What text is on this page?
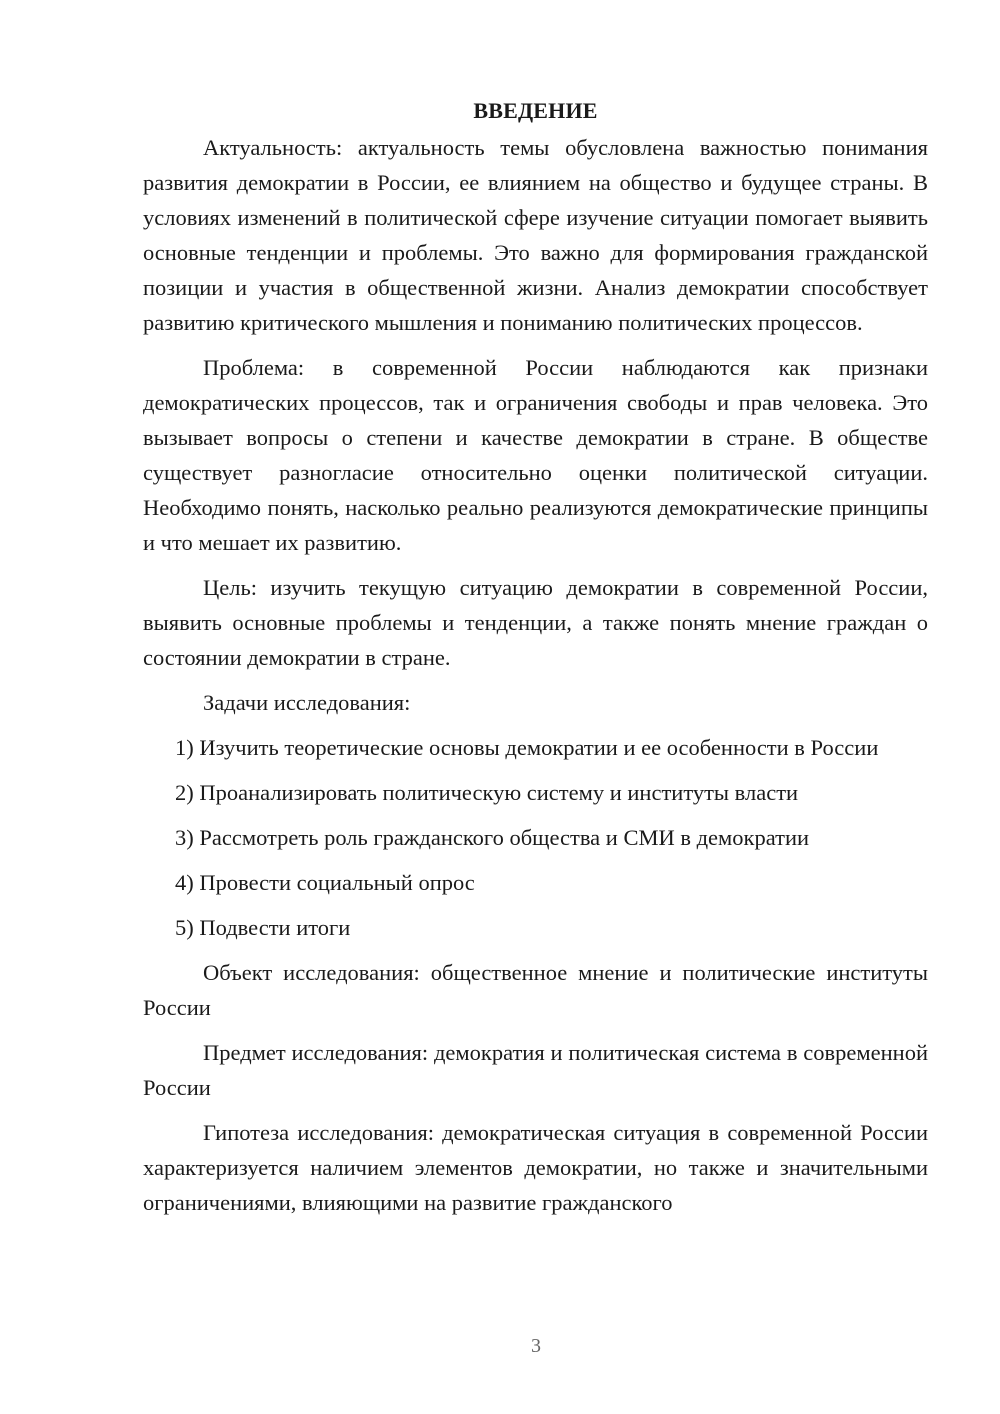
ВВЕДЕНИЕ

Актуальность: актуальность темы обусловлена важностью понимания развития демократии в России, ее влиянием на общество и будущее страны. В условиях изменений в политической сфере изучение ситуации помогает выявить основные тенденции и проблемы. Это важно для формирования гражданской позиции и участия в общественной жизни. Анализ демократии способствует развитию критического мышления и пониманию политических процессов.

Проблема: в современной России наблюдаются как признаки демократических процессов, так и ограничения свободы и прав человека. Это вызывает вопросы о степени и качестве демократии в стране. В обществе существует разногласие относительно оценки политической ситуации. Необходимо понять, насколько реально реализуются демократические принципы и что мешает их развитию.

Цель: изучить текущую ситуацию демократии в современной России, выявить основные проблемы и тенденции, а также понять мнение граждан о состоянии демократии в стране.

Задачи исследования:

1) Изучить теоретические основы демократии и ее особенности в России

2) Проанализировать политическую систему и институты власти

3) Рассмотреть роль гражданского общества и СМИ в демократии

4) Провести социальный опрос

5) Подвести итоги

Объект исследования: общественное мнение и политические институты России

Предмет исследования: демократия и политическая система в современной России

Гипотеза исследования: демократическая ситуация в современной России характеризуется наличием элементов демократии, но также и значительными ограничениями, влияющими на развитие гражданского

3
